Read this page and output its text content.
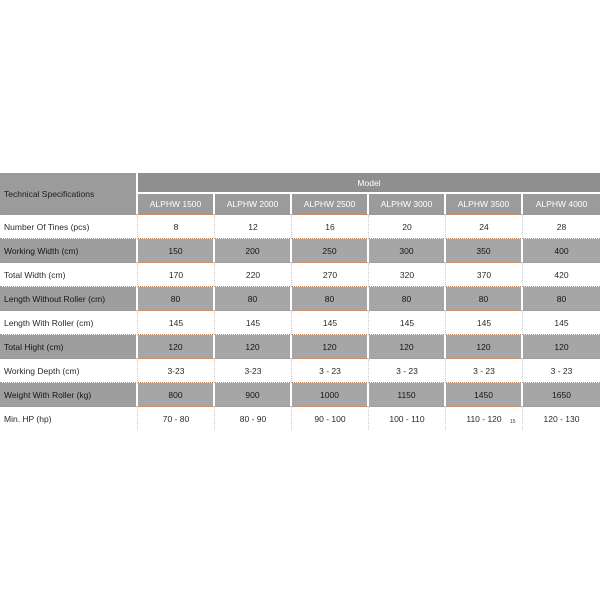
Technical Specifications	Model					
	ALPHW 1500	ALPHW 2000	ALPHW 2500	ALPHW 3000	ALPHW 3500	ALPHW 4000
Number Of Tines (pcs)	8	12	16	20	24	28
Working Width (cm)	150	200	250	300	350	400
Total Width (cm)	170	220	270	320	370	420
Length Without Roller (cm)	80	80	80	80	80	80
Length With Roller (cm)	145	145	145	145	145	145
Total Hight (cm)	120	120	120	120	120	120
Working Depth (cm)	3-23	3-23	3 - 23	3 - 23	3 - 23	3 - 23
Weight With Roller (kg)	800	900	1000	1150	1450	1650
Min. HP (hp)	70 - 80	80 - 90	90 - 100	100 - 110	110 - 120	120 - 130
15
